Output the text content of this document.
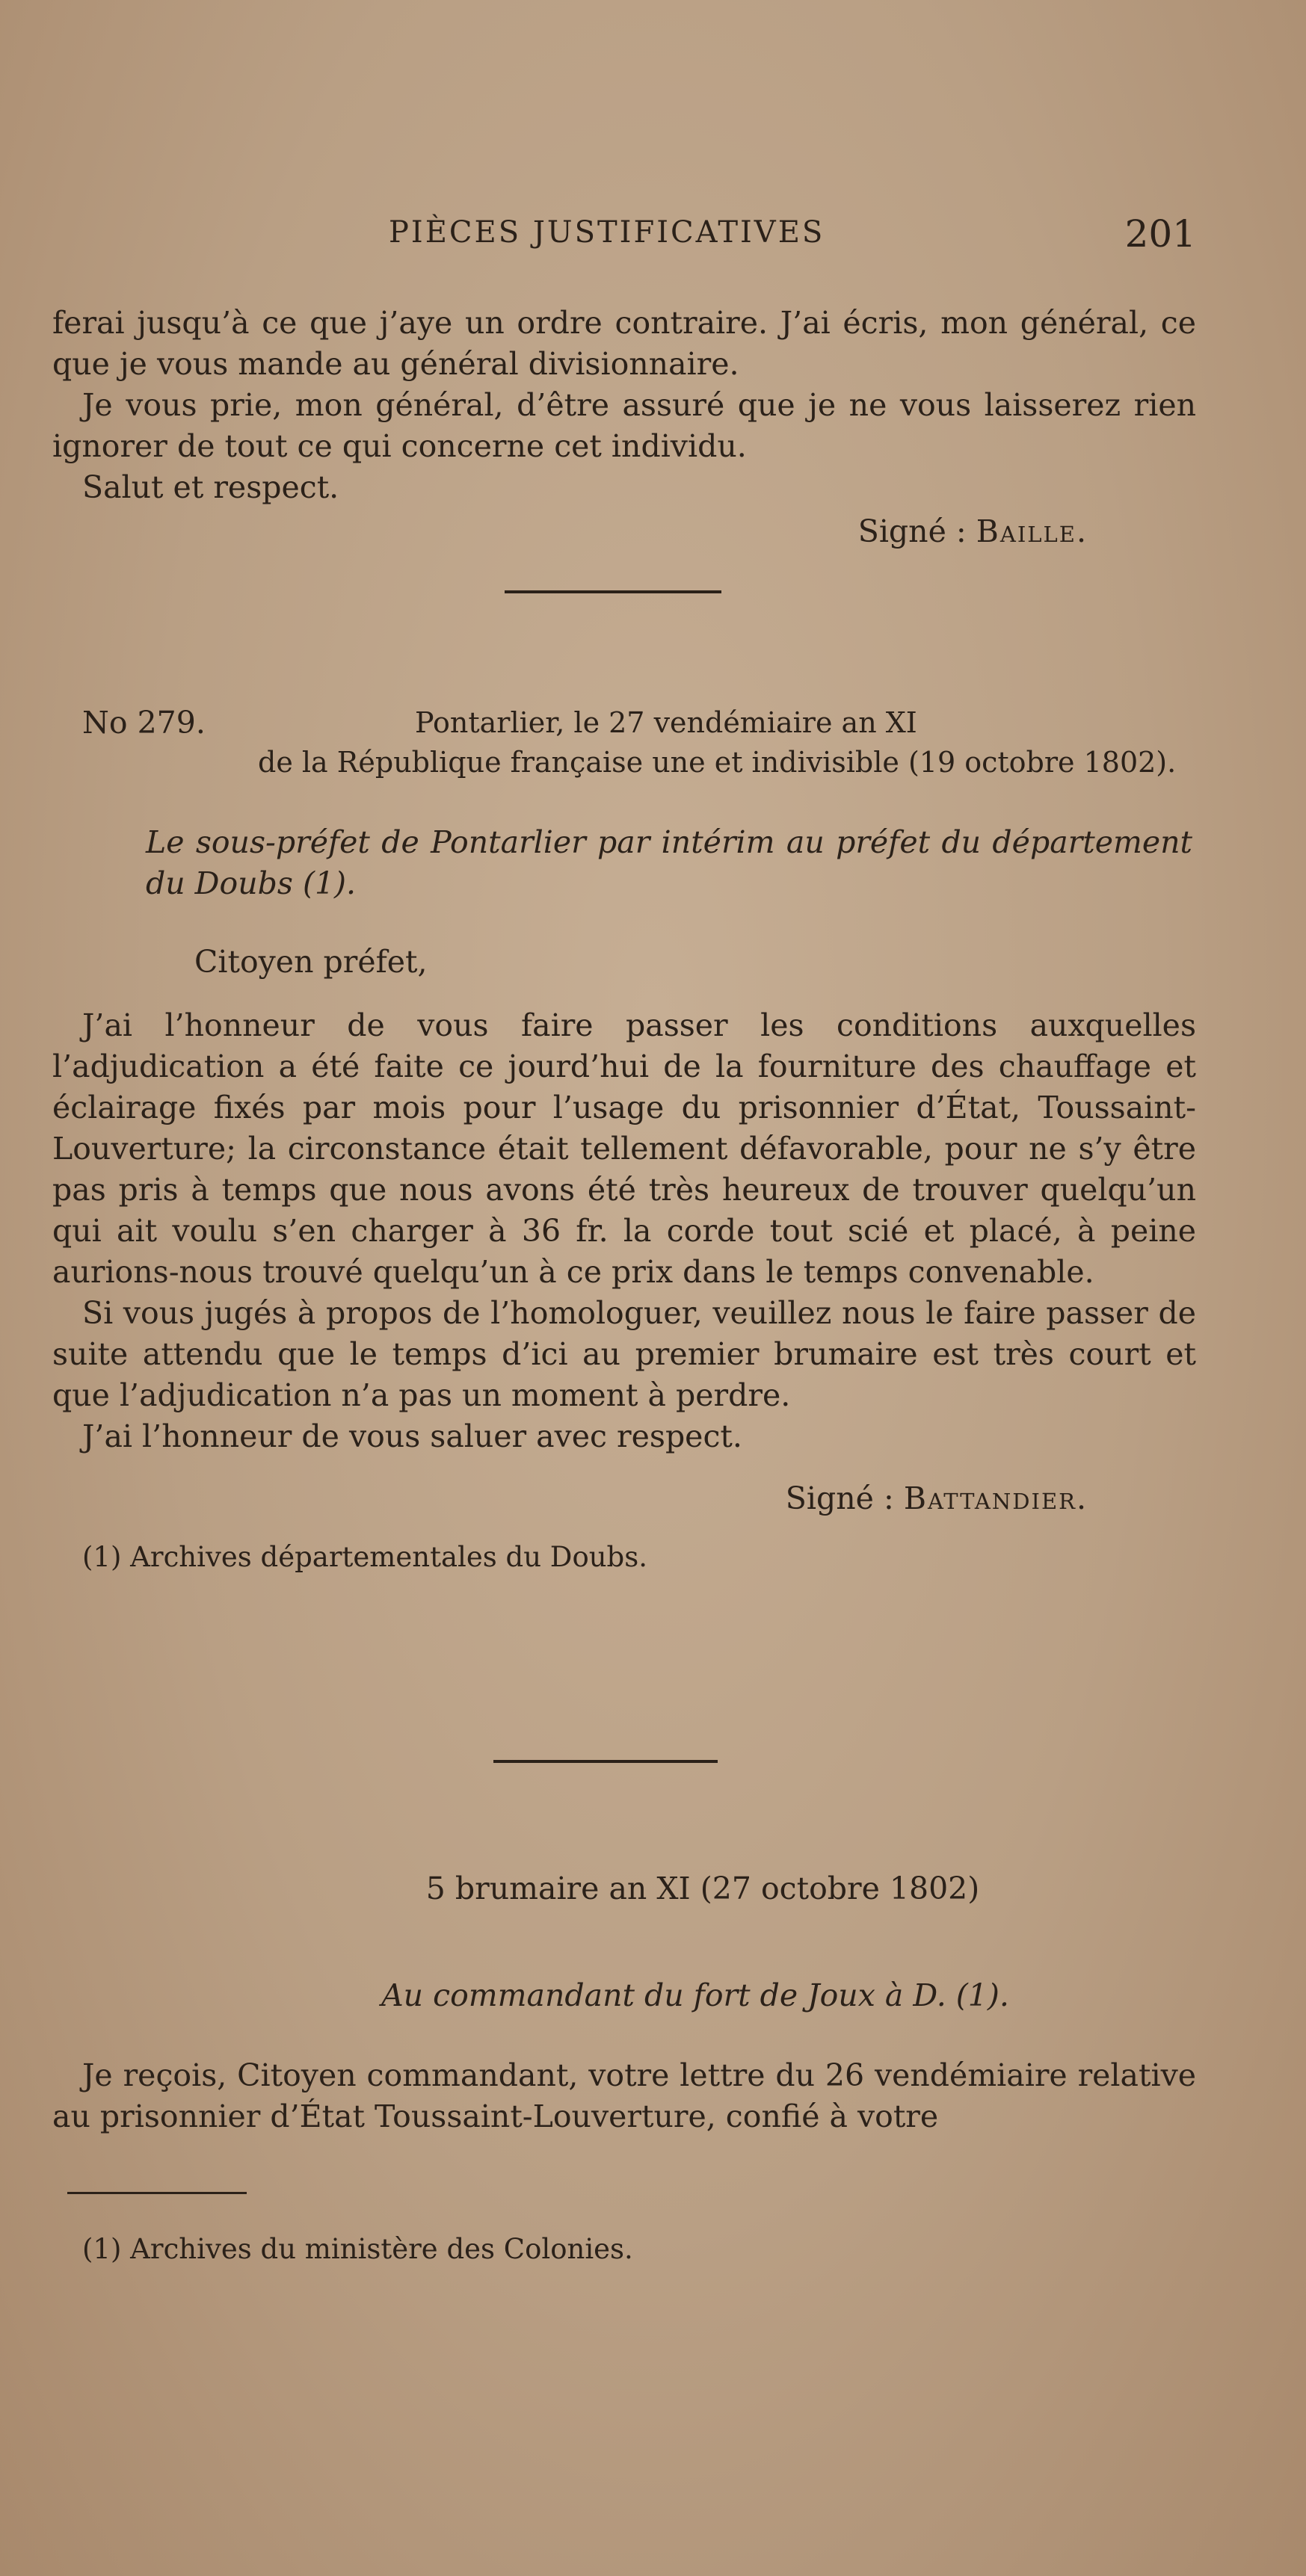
PIÈCES JUSTIFICATIVES	201

ferai jusqu’à ce que j’aye un ordre contraire. J’ai écris, mon général, ce que je vous mande au général divisionnaire.

Je vous prie, mon général, d’être assuré que je ne vous laisserez rien ignorer de tout ce qui concerne cet individu.

Salut et respect.

Signé : Baille.

No 279.	Pontarlier, le 27 vendémiaire an XI
de la République française une et indivisible (19 octobre 1802).

Le sous-préfet de Pontarlier par intérim au préfet du département du Doubs (1).

Citoyen préfet,

J’ai l’honneur de vous faire passer les conditions auxquelles l’adjudication a été faite ce jourd’hui de la fourniture des chauffage et éclairage fixés par mois pour l’usage du prisonnier d’État, Toussaint-Louverture; la circonstance était tellement défavorable, pour ne s’y être pas pris à temps que nous avons été très heureux de trouver quelqu’un qui ait voulu s’en charger à 36 fr. la corde tout scié et placé, à peine aurions-nous trouvé quelqu’un à ce prix dans le temps convenable.

Si vous jugés à propos de l’homologuer, veuillez nous le faire passer de suite attendu que le temps d’ici au premier brumaire est très court et que l’adjudication n’a pas un moment à perdre.

J’ai l’honneur de vous saluer avec respect.

Signé : Battandier.

(1) Archives départementales du Doubs.

5 brumaire an XI (27 octobre 1802)

Au commandant du fort de Joux à D. (1).

Je reçois, Citoyen commandant, votre lettre du 26 vendémiaire relative au prisonnier d’État Toussaint-Louverture, confié à votre

(1) Archives du ministère des Colonies.
